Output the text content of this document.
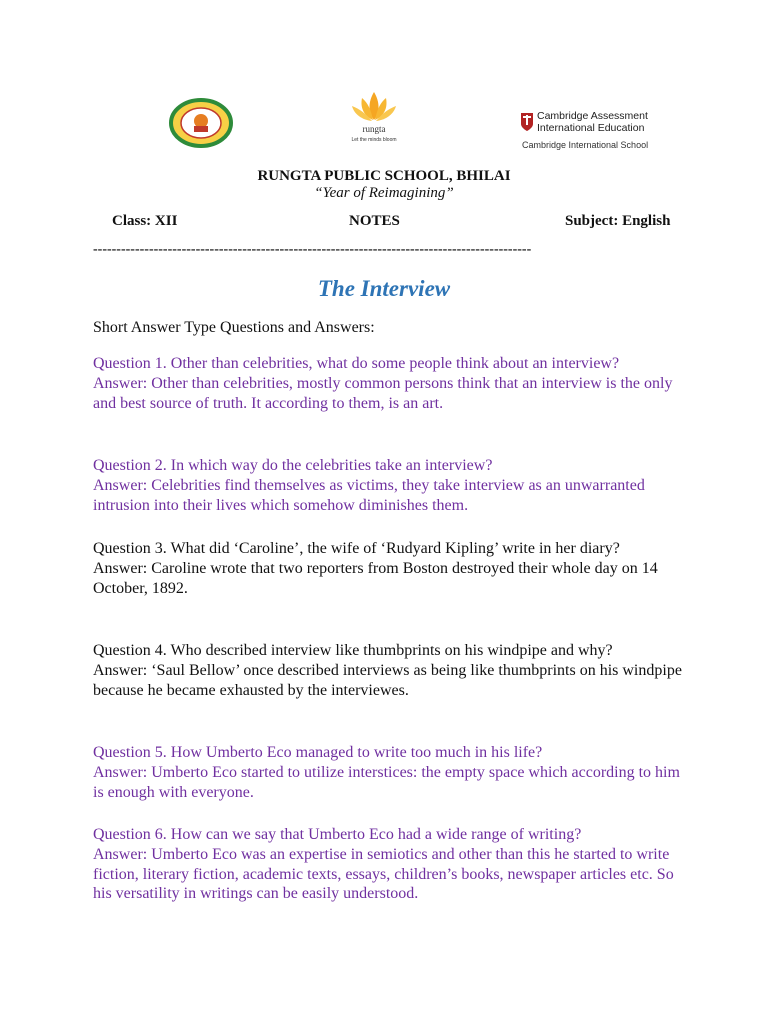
rungta
Let the minds bloom
Cambridge Assessment
International Education
Cambridge International School
RUNGTA PUBLIC SCHOOL, BHILAI
“Year of Reimagining”
Class: XII	NOTES	Subject: English
----------------------------------------------------------------------------------------------
The Interview
Short Answer Type Questions and Answers:

Question 1. Other than celebrities, what do some people think about an interview?

Answer: Other than celebrities, mostly common persons think that an interview is the only and best source of truth. It according to them, is an art.

Question 2. In which way do the celebrities take an interview?

Answer: Celebrities find themselves as victims, they take interview as an unwarranted intrusion into their lives which somehow diminishes them.

Question 3. What did ‘Caroline’, the wife of ‘Rudyard Kipling’ write in her diary?

Answer: Caroline wrote that two reporters from Boston destroyed their whole day on 14 October, 1892.

Question 4. Who described interview like thumbprints on his windpipe and why?

Answer: ‘Saul Bellow’ once described interviews as being like thumbprints on his windpipe because he became exhausted by the interviewes.

Question 5. How Umberto Eco managed to write too much in his life?

Answer: Umberto Eco started to utilize interstices: the empty space which according to him is enough with everyone.

Question 6. How can we say that Umberto Eco had a wide range of writing?

Answer: Umberto Eco was an expertise in semiotics and other than this he started to write fiction, literary fiction, academic texts, essays, children’s books, newspaper articles etc. So his versatility in writings can be easily understood.
